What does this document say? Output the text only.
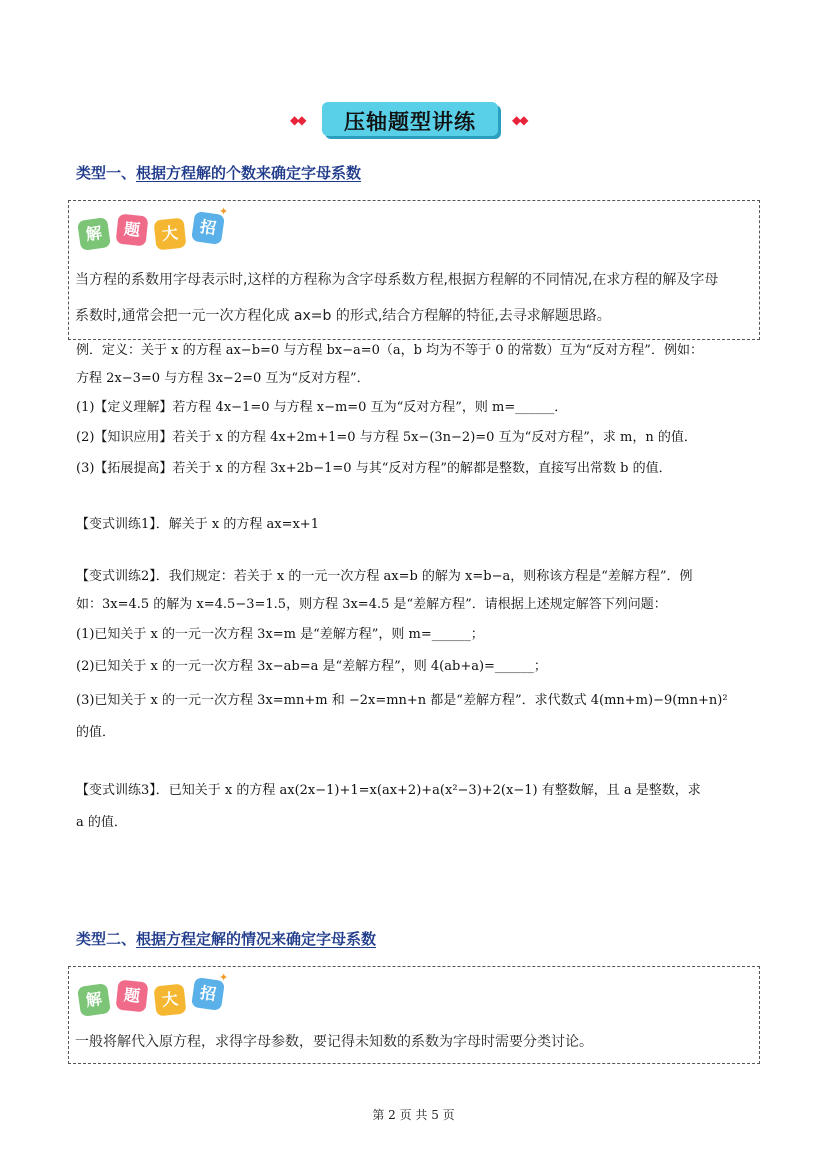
◆◆	压轴题型讲练	◆◆
类型一、根据方程解的个数来确定字母系数
解	题	大	招
✦
当方程的系数用字母表示时,这样的方程称为含字母系数方程,根据方程解的不同情况,在求方程的解及字母
系数时,通常会把一元一次方程化成 ax=b 的形式,结合方程解的特征,去寻求解题思路。
例．定义：关于 x 的方程 ax−b=0 与方程 bx−a=0（a，b 均为不等于 0 的常数）互为“反对方程”．例如：
方程 2x−3=0 与方程 3x−2=0 互为“反对方程”．
(1)【定义理解】若方程 4x−1=0 与方程 x−m=0 互为“反对方程”，则 m=______．
(2)【知识应用】若关于 x 的方程 4x+2m+1=0 与方程 5x−(3n−2)=0 互为“反对方程”，求 m，n 的值．
(3)【拓展提高】若关于 x 的方程 3x+2b−1=0 与其“反对方程”的解都是整数，直接写出常数 b 的值．
【变式训练1】．解关于 x 的方程 ax=x+1
【变式训练2】．我们规定：若关于 x 的一元一次方程 ax=b 的解为 x=b−a，则称该方程是“差解方程”．例
如：3x=4.5 的解为 x=4.5−3=1.5，则方程 3x=4.5 是“差解方程”．请根据上述规定解答下列问题：
(1)已知关于 x 的一元一次方程 3x=m 是“差解方程”，则 m=______；
(2)已知关于 x 的一元一次方程 3x−ab=a 是“差解方程”，则 4(ab+a)=______；
(3)已知关于 x 的一元一次方程 3x=mn+m 和 −2x=mn+n 都是“差解方程”．求代数式 4(mn+m)−9(mn+n)²
的值．
【变式训练3】．已知关于 x 的方程 ax(2x−1)+1=x(ax+2)+a(x²−3)+2(x−1) 有整数解，且 a 是整数，求
a 的值．
类型二、根据方程定解的情况来确定字母系数
解	题	大	招
✦
一般将解代入原方程，求得字母参数，要记得未知数的系数为字母时需要分类讨论。
第 2 页 共 5 页
